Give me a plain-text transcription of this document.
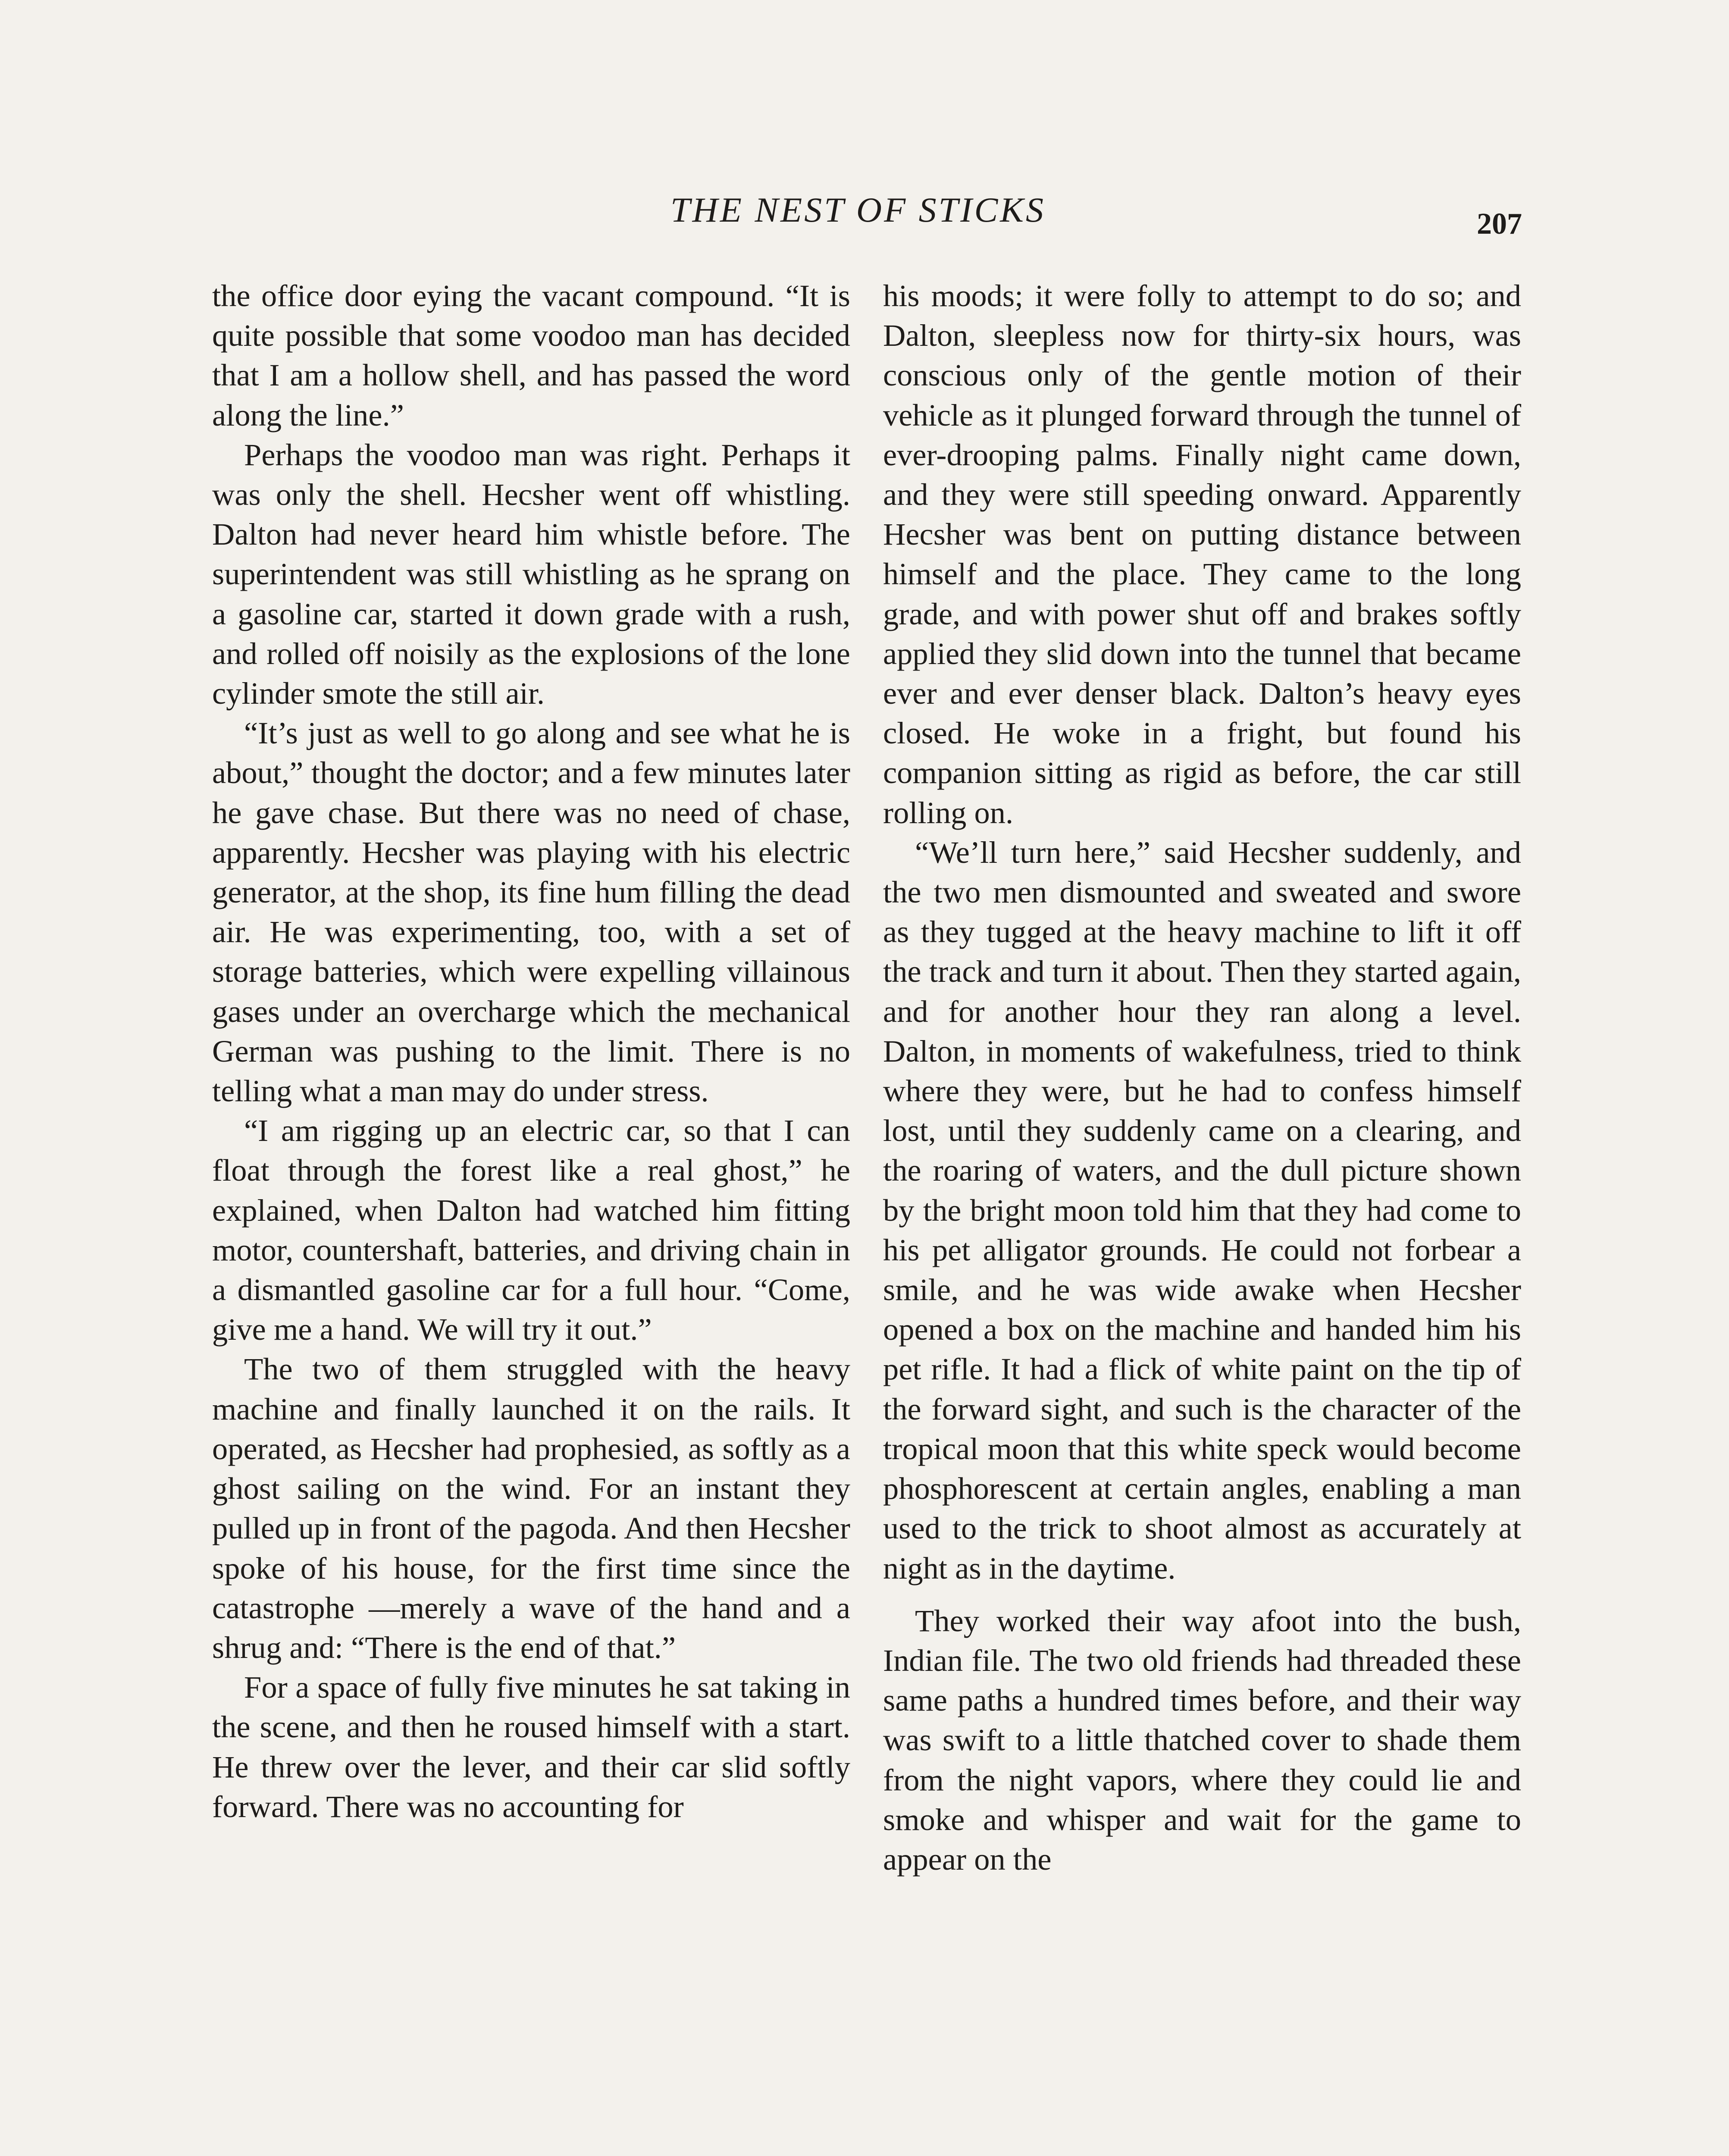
THE NEST OF STICKS	207

the office door eying the vacant compound. “It is quite possible that some voodoo man has decided that I am a hollow shell, and has passed the word along the line.”

Perhaps the voodoo man was right. Perhaps it was only the shell. Hecsher went off whistling. Dalton had never heard him whistle before. The superintendent was still whistling as he sprang on a gasoline car, started it down grade with a rush, and rolled off noisily as the explosions of the lone cylinder smote the still air.

“It’s just as well to go along and see what he is about,” thought the doctor; and a few minutes later he gave chase. But there was no need of chase, apparently. Hecsher was playing with his electric generator, at the shop, its fine hum filling the dead air. He was experimenting, too, with a set of storage batteries, which were expelling villainous gases under an overcharge which the mechanical German was pushing to the limit. There is no telling what a man may do under stress.

“I am rigging up an electric car, so that I can float through the forest like a real ghost,” he explained, when Dalton had watched him fitting motor, countershaft, batteries, and driving chain in a dismantled gasoline car for a full hour. “Come, give me a hand. We will try it out.”

The two of them struggled with the heavy machine and finally launched it on the rails. It operated, as Hecsher had prophesied, as softly as a ghost sailing on the wind. For an instant they pulled up in front of the pagoda. And then Hecsher spoke of his house, for the first time since the catastrophe —merely a wave of the hand and a shrug and: “There is the end of that.”

For a space of fully five minutes he sat taking in the scene, and then he roused himself with a start. He threw over the lever, and their car slid softly forward. There was no accounting for

his moods; it were folly to attempt to do so; and Dalton, sleepless now for thirty-six hours, was conscious only of the gentle motion of their vehicle as it plunged forward through the tunnel of ever-drooping palms. Finally night came down, and they were still speeding onward. Apparently Hecsher was bent on putting distance between himself and the place. They came to the long grade, and with power shut off and brakes softly applied they slid down into the tunnel that became ever and ever denser black. Dalton’s heavy eyes closed. He woke in a fright, but found his companion sitting as rigid as before, the car still rolling on.

“We’ll turn here,” said Hecsher suddenly, and the two men dismounted and sweated and swore as they tugged at the heavy machine to lift it off the track and turn it about. Then they started again, and for another hour they ran along a level. Dalton, in moments of wakefulness, tried to think where they were, but he had to confess himself lost, until they suddenly came on a clearing, and the roaring of waters, and the dull picture shown by the bright moon told him that they had come to his pet alligator grounds. He could not forbear a smile, and he was wide awake when Hecsher opened a box on the machine and handed him his pet rifle. It had a flick of white paint on the tip of the forward sight, and such is the character of the tropical moon that this white speck would become phosphorescent at certain angles, enabling a man used to the trick to shoot almost as accurately at night as in the daytime.

They worked their way afoot into the bush, Indian file. The two old friends had threaded these same paths a hundred times before, and their way was swift to a little thatched cover to shade them from the night vapors, where they could lie and smoke and whisper and wait for the game to appear on the
